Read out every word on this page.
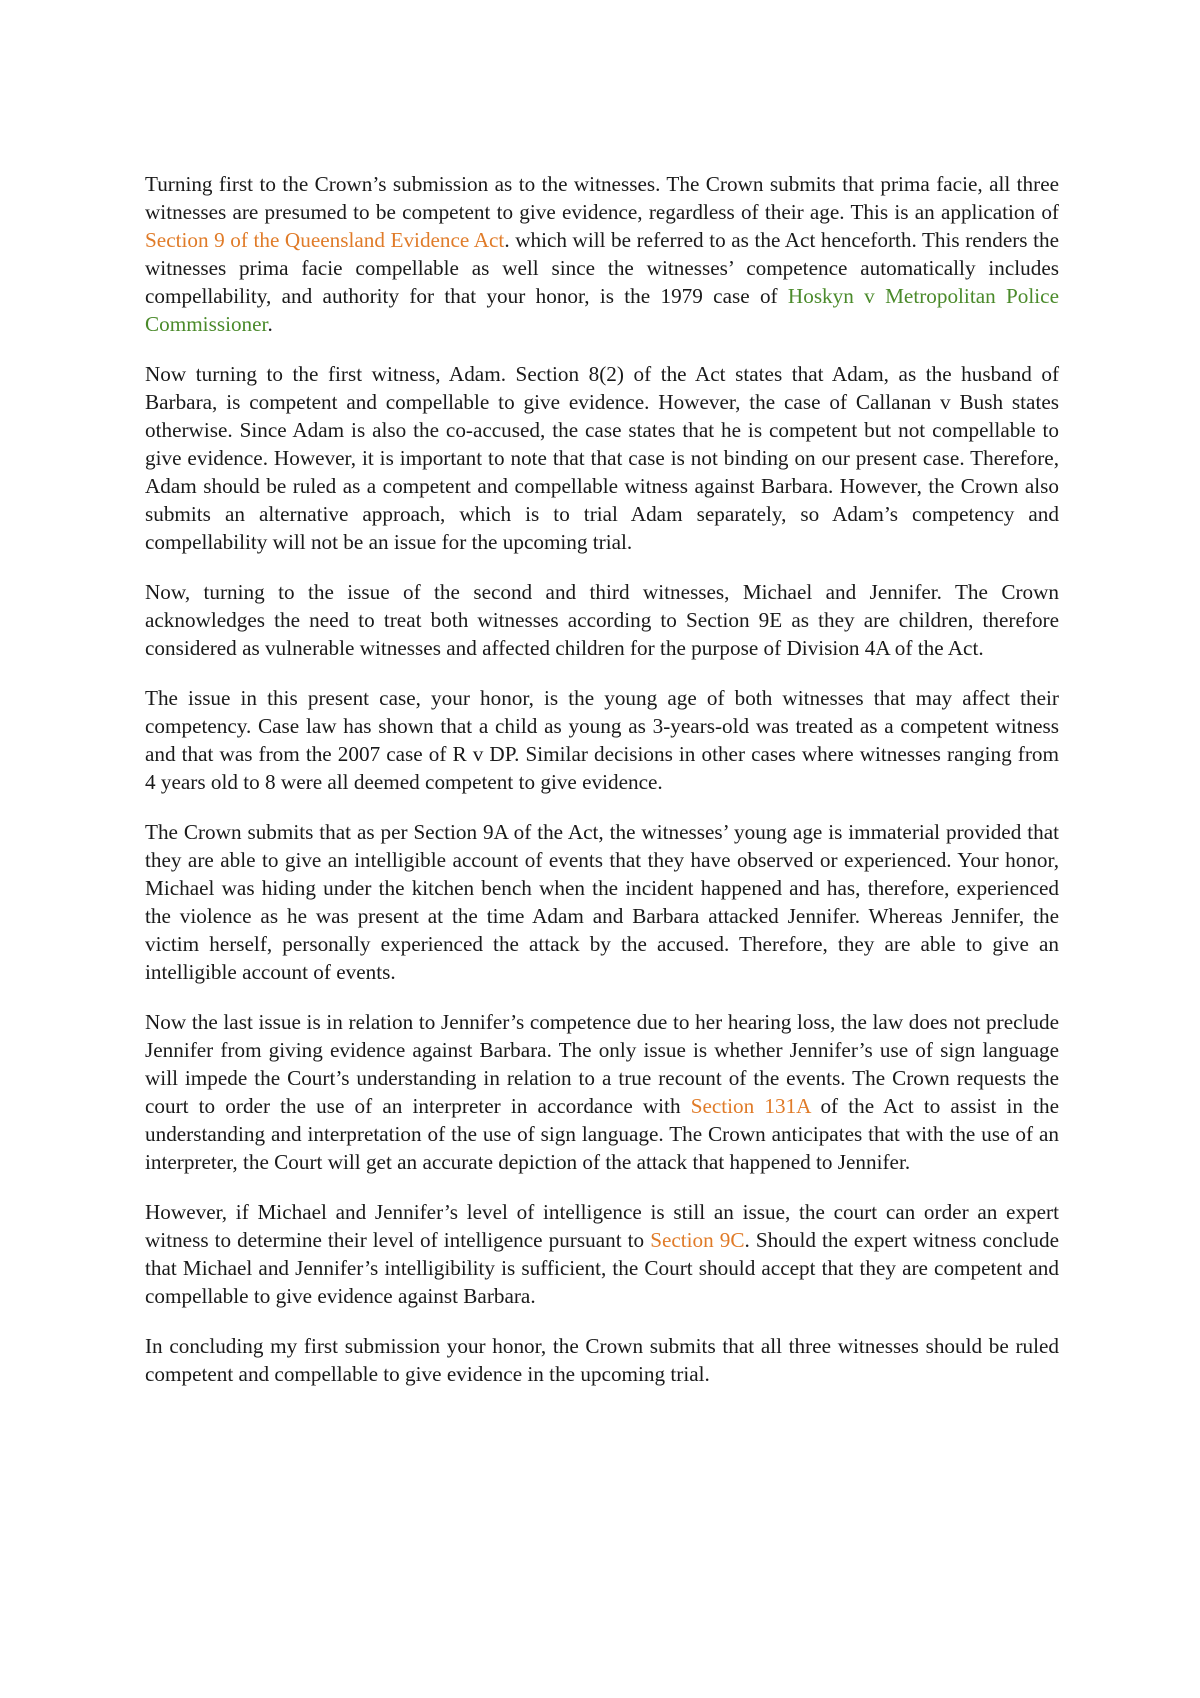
Turning first to the Crown’s submission as to the witnesses. The Crown submits that prima facie, all three witnesses are presumed to be competent to give evidence, regardless of their age. This is an application of Section 9 of the Queensland Evidence Act. which will be referred to as the Act henceforth. This renders the witnesses prima facie compellable as well since the witnesses’ competence automatically includes compellability, and authority for that your honor, is the 1979 case of Hoskyn v Metropolitan Police Commissioner.

Now turning to the first witness, Adam. Section 8(2) of the Act states that Adam, as the husband of Barbara, is competent and compellable to give evidence. However, the case of Callanan v Bush states otherwise. Since Adam is also the co-accused, the case states that he is competent but not compellable to give evidence. However, it is important to note that that case is not binding on our present case. Therefore, Adam should be ruled as a competent and compellable witness against Barbara. However, the Crown also submits an alternative approach, which is to trial Adam separately, so Adam’s competency and compellability will not be an issue for the upcoming trial.

Now, turning to the issue of the second and third witnesses, Michael and Jennifer. The Crown acknowledges the need to treat both witnesses according to Section 9E as they are children, therefore considered as vulnerable witnesses and affected children for the purpose of Division 4A of the Act.

The issue in this present case, your honor, is the young age of both witnesses that may affect their competency. Case law has shown that a child as young as 3-years-old was treated as a competent witness and that was from the 2007 case of R v DP. Similar decisions in other cases where witnesses ranging from 4 years old to 8 were all deemed competent to give evidence.

The Crown submits that as per Section 9A of the Act, the witnesses’ young age is immaterial provided that they are able to give an intelligible account of events that they have observed or experienced. Your honor, Michael was hiding under the kitchen bench when the incident happened and has, therefore, experienced the violence as he was present at the time Adam and Barbara attacked Jennifer. Whereas Jennifer, the victim herself, personally experienced the attack by the accused. Therefore, they are able to give an intelligible account of events.

Now the last issue is in relation to Jennifer’s competence due to her hearing loss, the law does not preclude Jennifer from giving evidence against Barbara. The only issue is whether Jennifer’s use of sign language will impede the Court’s understanding in relation to a true recount of the events. The Crown requests the court to order the use of an interpreter in accordance with Section 131A of the Act to assist in the understanding and interpretation of the use of sign language. The Crown anticipates that with the use of an interpreter, the Court will get an accurate depiction of the attack that happened to Jennifer.

However, if Michael and Jennifer’s level of intelligence is still an issue, the court can order an expert witness to determine their level of intelligence pursuant to Section 9C. Should the expert witness conclude that Michael and Jennifer’s intelligibility is sufficient, the Court should accept that they are competent and compellable to give evidence against Barbara.

In concluding my first submission your honor, the Crown submits that all three witnesses should be ruled competent and compellable to give evidence in the upcoming trial.
